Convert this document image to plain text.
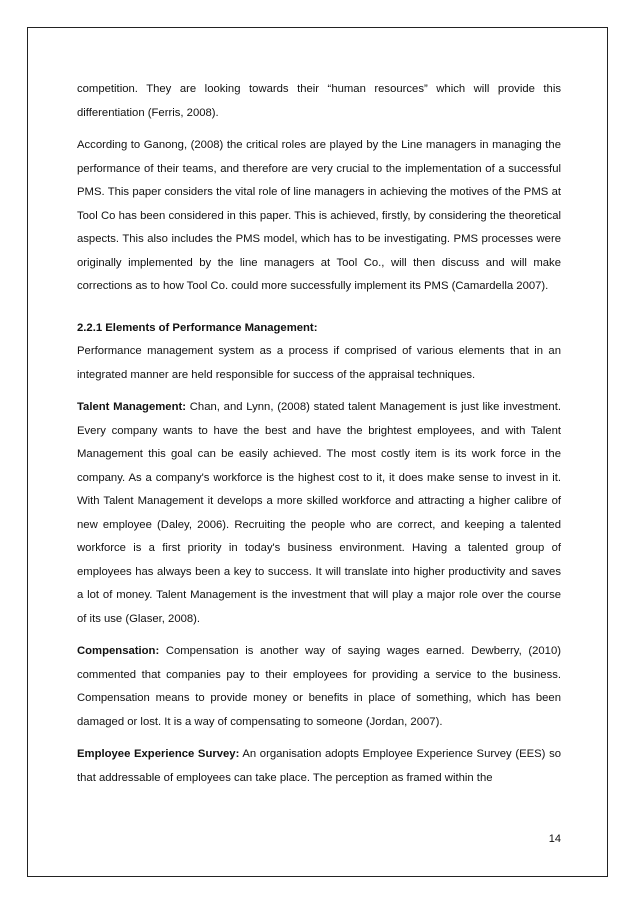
competition. They are looking towards their “human resources” which will provide this differentiation (Ferris, 2008).

According to Ganong, (2008) the critical roles are played by the Line managers in managing the performance of their teams, and therefore are very crucial to the implementation of a successful PMS. This paper considers the vital role of line managers in achieving the motives of the PMS at Tool Co has been considered in this paper. This is achieved, firstly, by considering the theoretical aspects. This also includes the PMS model, which has to be investigating. PMS processes were originally implemented by the line managers at Tool Co., will then discuss and will make corrections as to how Tool Co. could more successfully implement its PMS (Camardella 2007).

2.2.1 Elements of Performance Management:

Performance management system as a process if comprised of various elements that in an integrated manner are held responsible for success of the appraisal techniques.

Talent Management: Chan, and Lynn, (2008) stated talent Management is just like investment. Every company wants to have the best and have the brightest employees, and with Talent Management this goal can be easily achieved. The most costly item is its work force in the company. As a company's workforce is the highest cost to it, it does make sense to invest in it. With Talent Management it develops a more skilled workforce and attracting a higher calibre of new employee (Daley, 2006). Recruiting the people who are correct, and keeping a talented workforce is a first priority in today's business environment. Having a talented group of employees has always been a key to success. It will translate into higher productivity and saves a lot of money. Talent Management is the investment that will play a major role over the course of its use (Glaser, 2008).

Compensation: Compensation is another way of saying wages earned. Dewberry, (2010) commented that companies pay to their employees for providing a service to the business. Compensation means to provide money or benefits in place of something, which has been damaged or lost. It is a way of compensating to someone (Jordan, 2007).

Employee Experience Survey: An organisation adopts Employee Experience Survey (EES) so that addressable of employees can take place. The perception as framed within the

14
